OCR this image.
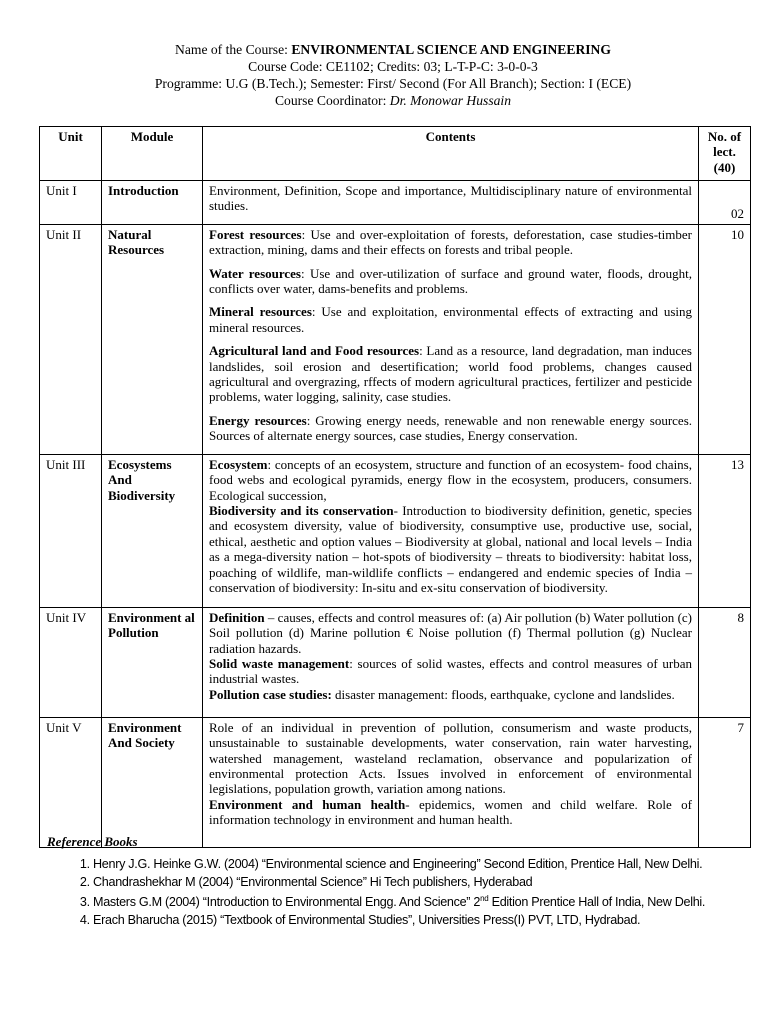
Name of the Course: ENVIRONMENTAL SCIENCE AND ENGINEERING
Course Code: CE1102; Credits: 03; L-T-P-C: 3-0-0-3
Programme: U.G (B.Tech.); Semester: First/ Second (For All Branch); Section: I (ECE)
Course Coordinator: Dr. Monowar Hussain
Unit	Module	Contents	No. of lect. (40)
Unit I	Introduction	Environment, Definition, Scope and importance, Multidisciplinary nature of environmental studies.	02
Unit II	Natural Resources	Forest resources: Use and over-exploitation of forests, deforestation, case studies-timber extraction, mining, dams and their effects on forests and tribal people.
Water resources: Use and over-utilization of surface and ground water, floods, drought, conflicts over water, dams-benefits and problems.
Mineral resources: Use and exploitation, environmental effects of extracting and using mineral resources.
Agricultural land and Food resources: Land as a resource, land degradation, man induces landslides, soil erosion and desertification; world food problems, changes caused agricultural and overgrazing, rffects of modern agricultural practices, fertilizer and pesticide problems, water logging, salinity, case studies.
Energy resources: Growing energy needs, renewable and non renewable energy sources. Sources of alternate energy sources, case studies, Energy conservation.	10
Unit III	Ecosystems And Biodiversity	Ecosystem: concepts of an ecosystem, structure and function of an ecosystem- food chains, food webs and ecological pyramids, energy flow in the ecosystem, producers, consumers. Ecological succession,
Biodiversity and its conservation- Introduction to biodiversity definition, genetic, species and ecosystem diversity, value of biodiversity, consumptive use, productive use, social, ethical, aesthetic and option values – Biodiversity at global, national and local levels – India as a mega-diversity nation – hot-spots of biodiversity – threats to biodiversity: habitat loss, poaching of wildlife, man-wildlife conflicts – endangered and endemic species of India – conservation of biodiversity: In-situ and ex-situ conservation of biodiversity.	13
Unit IV	Environment al Pollution	Definition – causes, effects and control measures of: (a) Air pollution (b) Water pollution (c) Soil pollution (d) Marine pollution € Noise pollution (f) Thermal pollution (g) Nuclear radiation hazards.
Solid waste management: sources of solid wastes, effects and control measures of urban industrial wastes.
Pollution case studies: disaster management: floods, earthquake, cyclone and landslides.	8
Unit V	Environment And Society	Role of an individual in prevention of pollution, consumerism and waste products, unsustainable to sustainable developments, water conservation, rain water harvesting, watershed management, wasteland reclamation, observance and popularization of environmental protection Acts. Issues involved in enforcement of environmental legislations, population growth, variation among nations.
Environment and human health- epidemics, women and child welfare. Role of information technology in environment and human health.	7
Reference Books
1. Henry J.G. Heinke G.W. (2004) “Environmental science and Engineering” Second Edition, Prentice Hall, New Delhi.
2. Chandrashekhar M (2004) “Environmental Science” Hi Tech publishers, Hyderabad
3. Masters G.M (2004) “Introduction to Environmental Engg. And Science” 2nd Edition Prentice Hall of India, New Delhi.
4. Erach Bharucha (2015) “Textbook of Environmental Studies”, Universities Press(I) PVT, LTD, Hydrabad.
